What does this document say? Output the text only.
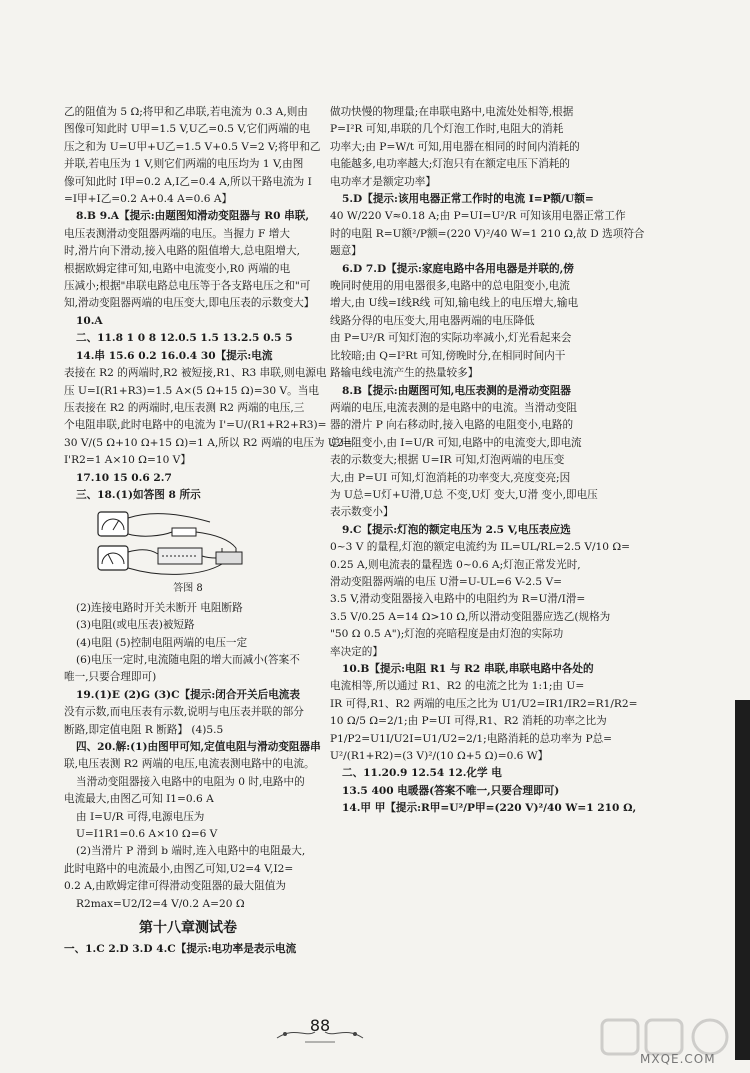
乙的阻值为 5 Ω;将甲和乙串联,若电流为 0.3 A,则由
图像可知此时 U甲=1.5 V,U乙=0.5 V,它们两端的电
压之和为 U=U甲+U乙=1.5 V+0.5 V=2 V;将甲和乙
并联,若电压为 1 V,则它们两端的电压均为 1 V,由图
像可知此时 I甲=0.2 A,I乙=0.4 A,所以干路电流为 I
=I甲+I乙=0.2 A+0.4 A=0.6 A】
8.B 9.A【提示:由题图知滑动变阻器与 R0 串联,
电压表测滑动变阻器两端的电压。当握力 F 增大
时,滑片向下滑动,接入电路的阻值增大,总电阻增大,
根据欧姆定律可知,电路中电流变小,R0 两端的电
压减小;根据"串联电路总电压等于各支路电压之和"可
知,滑动变阻器两端的电压变大,即电压表的示数变大】
10.A
二、11.8 1 0 8 12.0.5 1.5 13.2.5 0.5 5
14.串 15.6 0.2 16.0.4 30【提示:电流
表接在 R2 的两端时,R2 被短接,R1、R3 串联,则电源电
压 U=I(R1+R3)=1.5 A×(5 Ω+15 Ω)=30 V。当电
压表接在 R2 的两端时,电压表测 R2 两端的电压,三
个电阻串联,此时电路中的电流为 I'=U/(R1+R2+R3)=
30 V/(5 Ω+10 Ω+15 Ω)=1 A,所以 R2 两端的电压为 U2=
I'R2=1 A×10 Ω=10 V】
17.10 15 0.6 2.7
三、18.(1)如答图 8 所示
答图 8
(2)连接电路时开关未断开 电阻断路
(3)电阻(或电压表)被短路
(4)电阻 (5)控制电阻两端的电压一定
(6)电压一定时,电流随电阻的增大而减小(答案不
唯一,只要合理即可)
19.(1)E (2)G (3)C【提示:闭合开关后电流表
没有示数,而电压表有示数,说明与电压表并联的部分
断路,即定值电阻 R 断路】 (4)5.5
四、20.解:(1)由图甲可知,定值电阻与滑动变阻器串
联,电压表测 R2 两端的电压,电流表测电路中的电流。
当滑动变阻器接入电路中的电阻为 0 时,电路中的
电流最大,由图乙可知 I1=0.6 A
由 I=U/R 可得,电源电压为
U=I1R1=0.6 A×10 Ω=6 V
(2)当滑片 P 滑到 b 端时,连入电路中的电阻最大,
此时电路中的电流最小,由图乙可知,U2=4 V,I2=
0.2 A,由欧姆定律可得滑动变阻器的最大阻值为
R2max=U2/I2=4 V/0.2 A=20 Ω
第十八章测试卷
一、1.C 2.D 3.D 4.C【提示:电功率是表示电流
做功快慢的物理量;在串联电路中,电流处处相等,根据
P=I²R 可知,串联的几个灯泡工作时,电阻大的消耗
功率大;由 P=W/t 可知,用电器在相同的时间内消耗的
电能越多,电功率越大;灯泡只有在额定电压下消耗的
电功率才是额定功率】
5.D【提示:该用电器正常工作时的电流 I=P额/U额=
40 W/220 V≈0.18 A;由 P=UI=U²/R 可知该用电器正常工作
时的电阻 R=U额²/P额=(220 V)²/40 W=1 210 Ω,故 D 选项符合
题意】
6.D 7.D【提示:家庭电路中各用电器是并联的,傍
晚同时使用的用电器很多,电路中的总电阻变小,电流
增大,由 U线=I线R线 可知,输电线上的电压增大,输电
线路分得的电压变大,用电器两端的电压降低
由 P=U²/R 可知灯泡的实际功率减小,灯光看起来会
比较暗;由 Q=I²Rt 可知,傍晚时分,在相同时间内干
路输电线电流产生的热量较多】
8.B【提示:由题图可知,电压表测的是滑动变阻器
两端的电压,电流表测的是电路中的电流。当滑动变阻
器的滑片 P 向右移动时,接入电路的电阻变小,电路的
总电阻变小,由 I=U/R 可知,电路中的电流变大,即电流
表的示数变大;根据 U=IR 可知,灯泡两端的电压变
大,由 P=UI 可知,灯泡消耗的功率变大,亮度变亮;因
为 U总=U灯+U滑,U总 不变,U灯 变大,U滑 变小,即电压
表示数变小】
9.C【提示:灯泡的额定电压为 2.5 V,电压表应选
0~3 V 的量程,灯泡的额定电流约为 IL=UL/RL=2.5 V/10 Ω=
0.25 A,则电流表的量程选 0~0.6 A;灯泡正常发光时,
滑动变阻器两端的电压 U滑=U-UL=6 V-2.5 V=
3.5 V,滑动变阻器接入电路中的电阻约为 R=U滑/I滑=
3.5 V/0.25 A=14 Ω>10 Ω,所以滑动变阻器应选乙(规格为
"50 Ω 0.5 A");灯泡的亮暗程度是由灯泡的实际功
率决定的】
10.B【提示:电阻 R1 与 R2 串联,串联电路中各处的
电流相等,所以通过 R1、R2 的电流之比为 1:1;由 U=
IR 可得,R1、R2 两端的电压之比为 U1/U2=IR1/IR2=R1/R2=
10 Ω/5 Ω=2/1;由 P=UI 可得,R1、R2 消耗的功率之比为
P1/P2=U1I/U2I=U1/U2=2/1;电路消耗的总功率为 P总=
U²/(R1+R2)=(3 V)²/(10 Ω+5 Ω)=0.6 W】
二、11.20.9 12.54 12.化学 电
13.5 400 电暖器(答案不唯一,只要合理即可)
14.甲 甲【提示:R甲=U²/P甲=(220 V)²/40 W=1 210 Ω,
88
MXQE.COM
